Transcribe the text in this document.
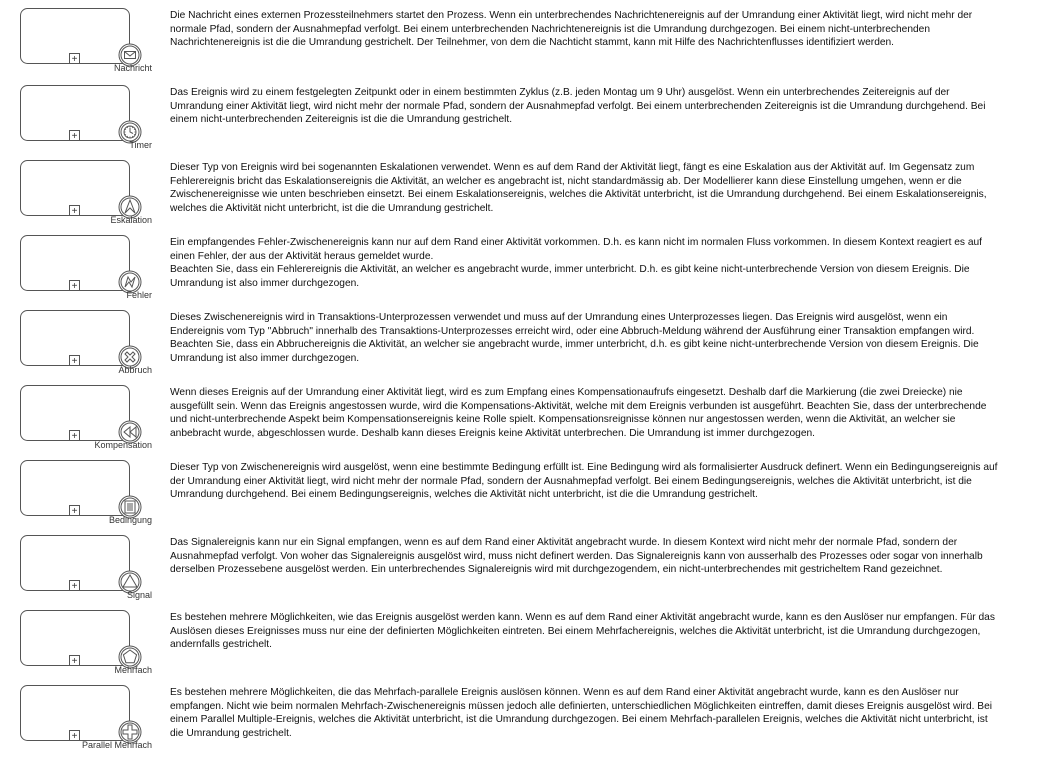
+
Nachricht
Die Nachricht eines externen Prozessteilnehmers startet den Prozess. Wenn ein unterbrechendes Nachrichtenereignis auf der Umrandung einer Aktivität liegt, wird nicht mehr der normale Pfad, sondern der Ausnahmepfad verfolgt. Bei einem unterbrechenden Nachrichtenereignis ist die Umrandung durchgezogen. Bei einem nicht-unterbrechenden Nachrichtenereignis ist die die Umrandung gestrichelt. Der Teilnehmer, von dem die Nachticht stammt, kann mit Hilfe des Nachrichtenflusses identifiziert werden.
+
Timer
Das Ereignis wird zu einem festgelegten Zeitpunkt oder in einem bestimmten Zyklus (z.B. jeden Montag um 9 Uhr) ausgelöst. Wenn ein unterbrechendes Zeitereignis auf der Umrandung einer Aktivität liegt, wird nicht mehr der normale Pfad, sondern der Ausnahmepfad verfolgt. Bei einem unterbrechenden Zeitereignis ist die Umrandung durchgehend. Bei einem nicht-unterbrechenden Zeitereignis ist die die Umrandung gestrichelt.
+
Eskalation
Dieser Typ von Ereignis wird bei sogenannten Eskalationen verwendet. Wenn es auf dem Rand der Aktivität liegt, fängt es eine Eskalation aus der Aktivität auf. Im Gegensatz zum Fehlerereignis bricht das Eskalationsereignis die Aktivität, an welcher es angebracht ist, nicht standardmässig ab. Der Modellierer kann diese Einstellung umgehen, wenn er die Zwischenereignisse wie unten beschrieben einsetzt. Bei einem Eskalationsereignis, welches die Aktivität unterbricht, ist die Umrandung durchgehend. Bei einem Eskalationsereignis, welches die Aktivität nicht unterbricht, ist die die Umrandung gestrichelt.
+
Fehler
Ein empfangendes Fehler-Zwischenereignis kann nur auf dem Rand einer Aktivität vorkommen. D.h. es kann nicht im normalen Fluss vorkommen. In diesem Kontext reagiert es auf einen Fehler, der aus der Aktivität heraus gemeldet wurde.
Beachten Sie, dass ein Fehlerereignis die Aktivität, an welcher es angebracht wurde, immer unterbricht. D.h. es gibt keine nicht-unterbrechende Version von diesem Ereignis. Die Umrandung ist also immer durchgezogen.
+
Abbruch
Dieses Zwischenereignis wird in Transaktions-Unterprozessen verwendet und muss auf der Umrandung eines Unterprozesses liegen. Das Ereignis wird ausgelöst, wenn ein Endereignis vom Typ "Abbruch" innerhalb des Transaktions-Unterprozesses erreicht wird, oder eine Abbruch-Meldung während der Ausführung einer Transaktion empfangen wird. Beachten Sie, dass ein Abbruchereignis die Aktivität, an welcher sie angebracht wurde, immer unterbricht, d.h. es gibt keine nicht-unterbrechende Version von diesem Ereignis. Die Umrandung ist also immer durchgezogen.
+
Kompensation
Wenn dieses Ereignis auf der Umrandung einer Aktivität liegt, wird es zum Empfang eines Kompensationaufrufs eingesetzt. Deshalb darf die Markierung (die zwei Dreiecke) nie ausgefüllt sein. Wenn das Ereignis angestossen wurde, wird die Kompensations-Aktivität, welche mit dem Ereignis verbunden ist ausgeführt. Beachten Sie, dass der unterbrechende und nicht-unterbrechende Aspekt beim Kompensationsereignis keine Rolle spielt. Kompensationsreignisse können nur angestossen werden, wenn die Aktivität, an welcher sie anbebracht wurde, abgeschlossen wurde. Deshalb kann dieses Ereignis keine Aktivität unterbrechen. Die Umrandung ist immer durchgezogen.
+
Bedingung
Dieser Typ von Zwischenereignis wird ausgelöst, wenn eine bestimmte Bedingung erfüllt ist. Eine Bedingung wird als formalisierter Ausdruck definert. Wenn ein Bedingungsereignis auf der Umrandung einer Aktivität liegt, wird nicht mehr der normale Pfad, sondern der Ausnahmepfad verfolgt. Bei einem Bedingungsereignis, welches die Aktivität unterbricht, ist die Umrandung durchgehend. Bei einem Bedingungsereignis, welches die Aktivität nicht unterbricht, ist die die Umrandung gestrichelt.
+
Signal
Das Signalereignis kann nur ein Signal empfangen, wenn es auf dem Rand einer Aktivität angebracht wurde. In diesem Kontext wird nicht mehr der normale Pfad, sondern der Ausnahmepfad verfolgt. Von woher das Signalereignis ausgelöst wird, muss nicht definert werden. Das Signalereignis kann von ausserhalb des Prozesses oder sogar von innerhalb derselben Prozessebene ausgelöst werden. Ein unterbrechendes Signalereignis wird mit durchgezogendem, ein nicht-unterbrechendes mit gestricheltem Rand gezeichnet.
+
Mehrfach
Es bestehen mehrere Möglichkeiten, wie das Ereignis ausgelöst werden kann. Wenn es auf dem Rand einer Aktivität angebracht wurde, kann es den Auslöser nur empfangen. Für das Auslösen dieses Ereignisses muss nur eine der definierten Möglichkeiten eintreten. Bei einem Mehrfachereignis, welches die Aktivität unterbricht, ist die Umrandung durchgezogen, andernfalls gestrichelt.
+
Parallel Mehrfach
Es bestehen mehrere Möglichkeiten, die das Mehrfach-parallele Ereignis auslösen können. Wenn es auf dem Rand einer Aktivität angebracht wurde, kann es den Auslöser nur empfangen. Nicht wie beim normalen Mehrfach-Zwischenereignis müssen jedoch alle definierten, unterschiedlichen Möglichkeiten eintreffen, damit dieses Ereignis ausgelöst wird. Bei einem Parallel Multiple-Ereignis, welches die Aktivität unterbricht, ist die Umrandung durchgezogen. Bei einem Mehrfach-parallelen Ereignis, welches die Aktivität nicht unterbricht, ist die Umrandung gestrichelt.
